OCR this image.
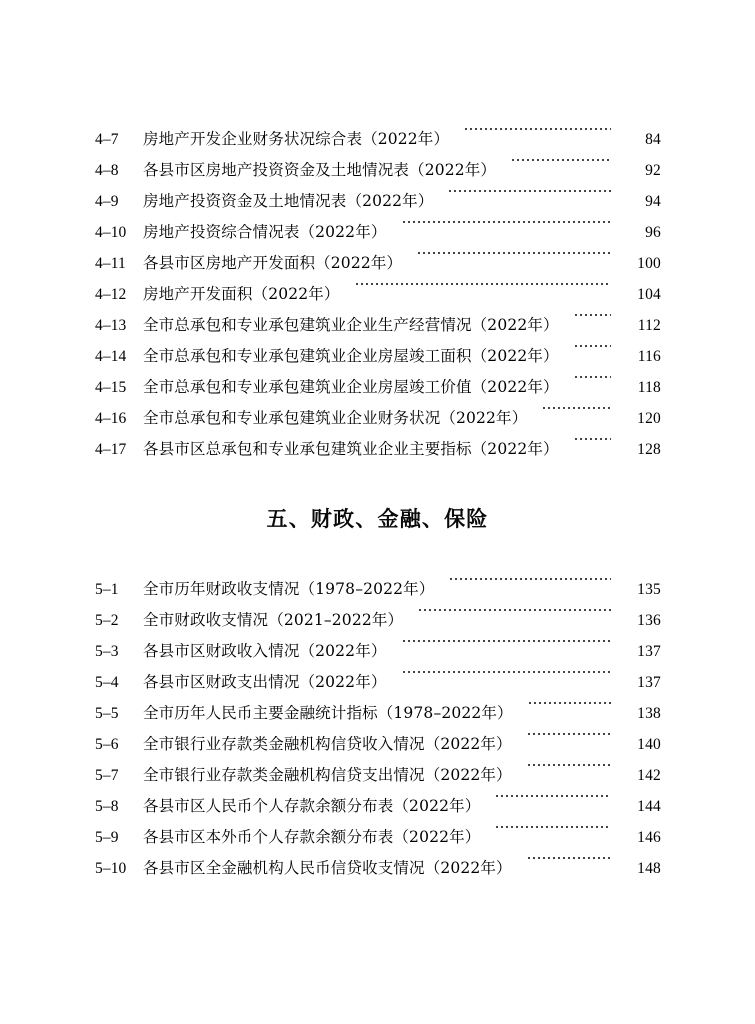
4–7	房地产开发企业财务状况综合表（2022年）	84
4–8	各县市区房地产投资资金及土地情况表（2022年）	92
4–9	房地产投资资金及土地情况表（2022年）	94
4–10	房地产投资综合情况表（2022年）	96
4–11	各县市区房地产开发面积（2022年）	100
4–12	房地产开发面积（2022年）	104
4–13	全市总承包和专业承包建筑业企业生产经营情况（2022年）	112
4–14	全市总承包和专业承包建筑业企业房屋竣工面积（2022年）	116
4–15	全市总承包和专业承包建筑业企业房屋竣工价值（2022年）	118
4–16	全市总承包和专业承包建筑业企业财务状况（2022年）	120
4–17	各县市区总承包和专业承包建筑业企业主要指标（2022年）	128
五、财政、金融、保险
5–1	全市历年财政收支情况（1978–2022年）	135
5–2	全市财政收支情况（2021–2022年）	136
5–3	各县市区财政收入情况（2022年）	137
5–4	各县市区财政支出情况（2022年）	137
5–5	全市历年人民币主要金融统计指标（1978–2022年）	138
5–6	全市银行业存款类金融机构信贷收入情况（2022年）	140
5–7	全市银行业存款类金融机构信贷支出情况（2022年）	142
5–8	各县市区人民币个人存款余额分布表（2022年）	144
5–9	各县市区本外币个人存款余额分布表（2022年）	146
5–10	各县市区全金融机构人民币信贷收支情况（2022年）	148
